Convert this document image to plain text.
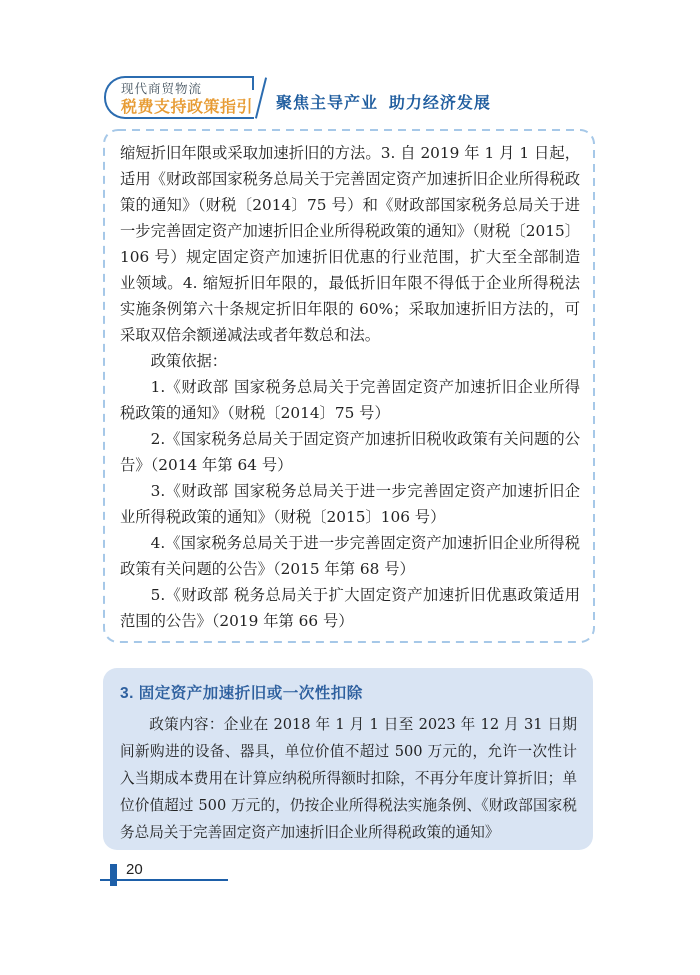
现代商贸物流
税费支持政策指引 聚焦主导产业  助力经济发展

缩短折旧年限或采取加速折旧的方法。3. 自 2019 年 1 月 1 日起，适用《财政部国家税务总局关于完善固定资产加速折旧企业所得税政策的通知》（财税〔2014〕75 号）和《财政部国家税务总局关于进一步完善固定资产加速折旧企业所得税政策的通知》（财税〔2015〕106 号）规定固定资产加速折旧优惠的行业范围，扩大至全部制造业领域。4. 缩短折旧年限的，最低折旧年限不得低于企业所得税法实施条例第六十条规定折旧年限的 60%；采取加速折旧方法的，可采取双倍余额递减法或者年数总和法。

政策依据：

1.《财政部 国家税务总局关于完善固定资产加速折旧企业所得税政策的通知》（财税〔2014〕75 号）

2.《国家税务总局关于固定资产加速折旧税收政策有关问题的公告》（2014 年第 64 号）

3.《财政部 国家税务总局关于进一步完善固定资产加速折旧企业所得税政策的通知》（财税〔2015〕106 号）

4.《国家税务总局关于进一步完善固定资产加速折旧企业所得税政策有关问题的公告》（2015 年第 68 号）

5.《财政部 税务总局关于扩大固定资产加速折旧优惠政策适用范围的公告》（2019 年第 66 号）

3. 固定资产加速折旧或一次性扣除

政策内容：企业在 2018 年 1 月 1 日至 2023 年 12 月 31 日期间新购进的设备、器具，单位价值不超过 500 万元的，允许一次性计入当期成本费用在计算应纳税所得额时扣除，不再分年度计算折旧；单位价值超过 500 万元的，仍按企业所得税法实施条例、《财政部国家税务总局关于完善固定资产加速折旧企业所得税政策的通知》

20
